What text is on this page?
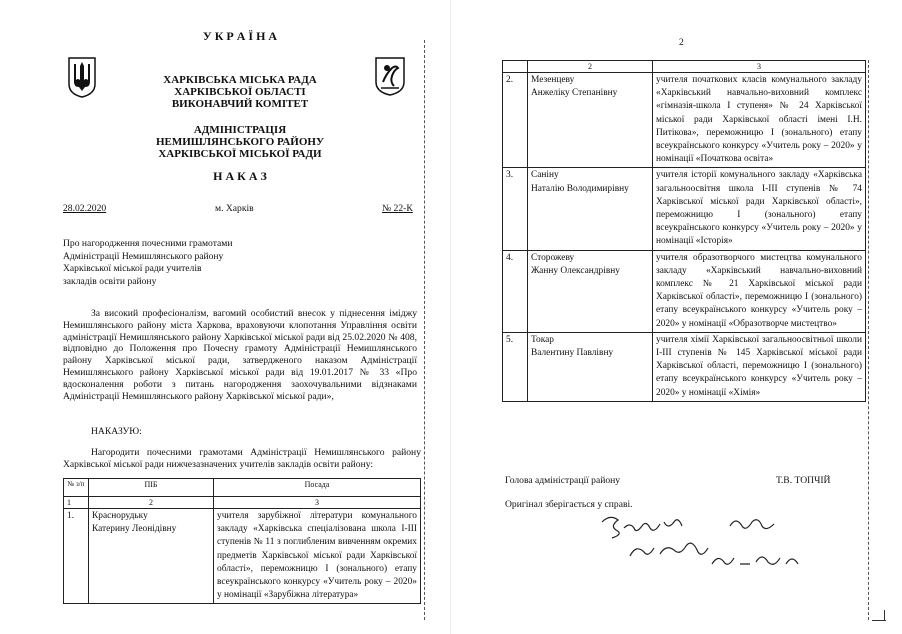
У К Р А Ї Н А
ХАРКІВСЬКА МІСЬКА РАДА
ХАРКІВСЬКОЇ ОБЛАСТІ
ВИКОНАВЧИЙ КОМІТЕТ
АДМІНІСТРАЦІЯ
НЕМИШЛЯНСЬКОГО РАЙОНУ
ХАРКІВСЬКОЇ МІСЬКОЇ РАДИ
Н А К А З
28.02.2020	м. Харків	№ 22-К
Про нагородження почесними грамотами
Адміністрації Немишлянського району
Харківської міської ради учителів
закладів освіти району
За високий професіоналізм, вагомий особистий внесок у піднесення іміджу Немишлянського району міста Харкова, враховуючи клопотання Управління освіти адміністрації Немишлянського району Харківської міської ради від 25.02.2020 № 408, відповідно до Положення про Почесну грамоту Адміністрації Немишлянського району Харківської міської ради, затвердженого наказом Адміністрації Немишлянського району Харківської міської ради від 19.01.2017 № 33 «Про вдосконалення роботи з питань нагородження заохочувальними відзнаками Адміністрації Немишлянського району Харківської міської ради»,
НАКАЗУЮ:
Нагородити почесними грамотами Адміністрації Немишлянського району Харківської міської ради нижчезазначених учителів закладів освіти району:
№ з/п	ПІБ	Посада
1	2	3
1.	Краснорудьку
Катерину Леонідівну	учителя зарубіжної літератури комунального закладу «Харківська спеціалізована школа І-ІІІ ступенів № 11 з поглибленим вивченням окремих предметів Харківської міської ради Харківської області», переможницю І (зонального) етапу всеукраїнського конкурсу «Учитель року – 2020» у номінації «Зарубіжна література»
2
	2	3
2.	Мезенцеву
Анжеліку Степанівну	учителя початкових класів комунального закладу «Харківський навчально-виховний комплекс «гімназія-школа І ступеня» № 24 Харківської міської ради Харківської області імені І.Н. Питікова», переможницю І (зонального) етапу всеукраїнського конкурсу «Учитель року – 2020» у номінації «Початкова освіта»
3.	Саніну
Наталію Володимирівну	учителя історії комунального закладу «Харківська загальноосвітня школа І-ІІІ ступенів № 74 Харківської міської ради Харківської області», переможницю І (зонального) етапу всеукраїнського конкурсу «Учитель року – 2020» у номінації «Історія»
4.	Сторожеву
Жанну Олександрівну	учителя образотворчого мистецтва комунального закладу «Харківський навчально-виховний комплекс № 21 Харківської міської ради Харківської області», переможницю І (зонального) етапу всеукраїнського конкурсу «Учитель року – 2020» у номінації «Образотворче мистецтво»
5.	Токар
Валентину Павлівну	учителя хімії Харківської загальноосвітньої школи І-ІІІ ступенів № 145 Харківської міської ради Харківської області, переможницю І (зонального) етапу всеукраїнського конкурсу «Учитель року – 2020» у номінації «Хімія»
Голова адміністрації району	Т.В. ТОПЧІЙ
Оригінал зберігається у справі.
